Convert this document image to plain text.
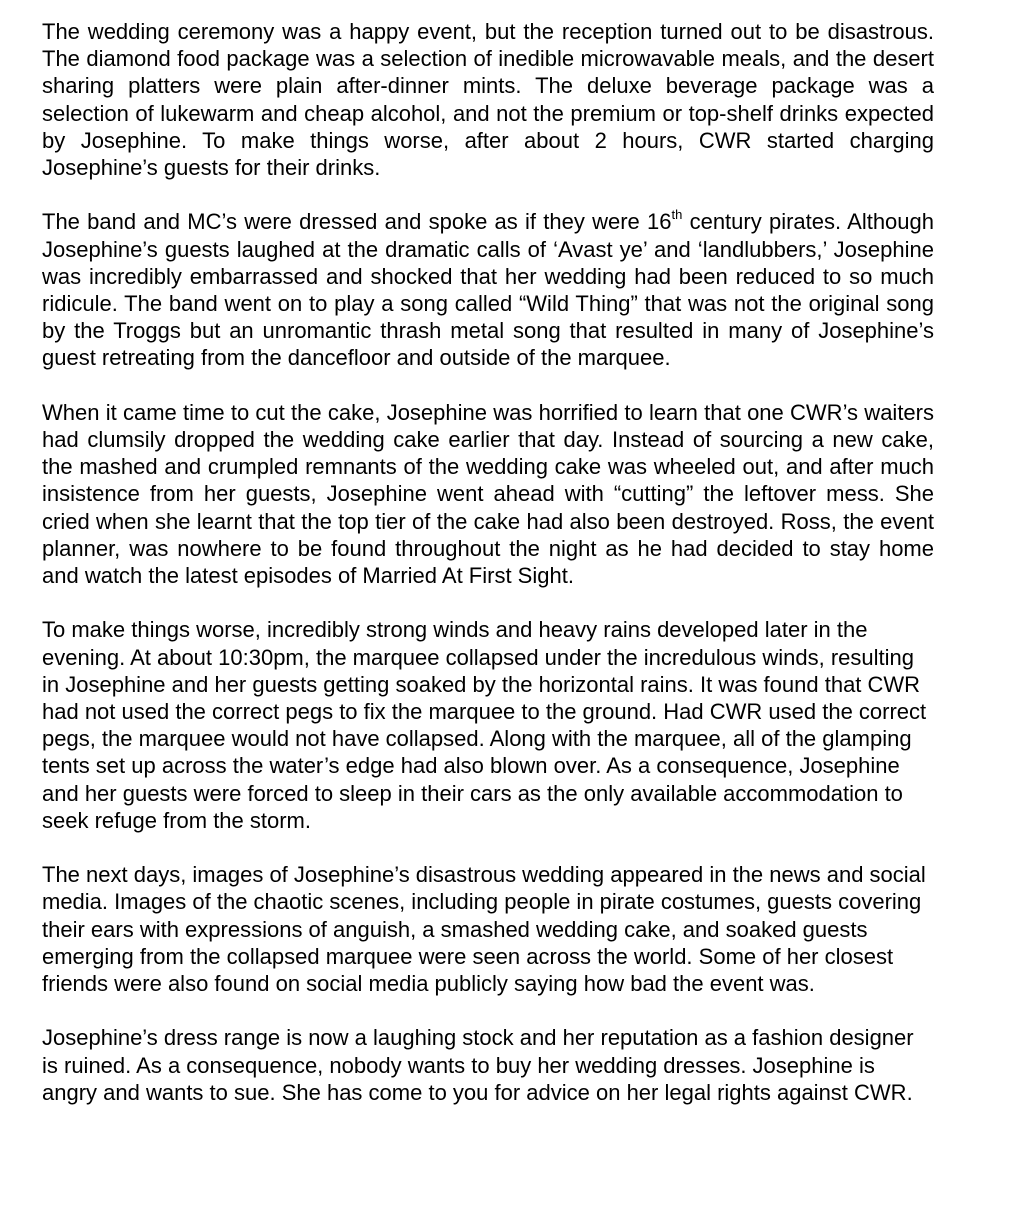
The wedding ceremony was a happy event, but the reception turned out to be disastrous. The diamond food package was a selection of inedible microwavable meals, and the desert sharing platters were plain after-dinner mints. The deluxe beverage package was a selection of lukewarm and cheap alcohol, and not the premium or top-shelf drinks expected by Josephine. To make things worse, after about 2 hours, CWR started charging Josephine’s guests for their drinks.

The band and MC’s were dressed and spoke as if they were 16th century pirates. Although Josephine’s guests laughed at the dramatic calls of ‘Avast ye’ and ‘landlubbers,’ Josephine was incredibly embarrassed and shocked that her wedding had been reduced to so much ridicule. The band went on to play a song called “Wild Thing” that was not the original song by the Troggs but an unromantic thrash metal song that resulted in many of Josephine’s guest retreating from the dancefloor and outside of the marquee.

When it came time to cut the cake, Josephine was horrified to learn that one CWR’s waiters had clumsily dropped the wedding cake earlier that day. Instead of sourcing a new cake, the mashed and crumpled remnants of the wedding cake was wheeled out, and after much insistence from her guests, Josephine went ahead with “cutting” the leftover mess. She cried when she learnt that the top tier of the cake had also been destroyed. Ross, the event planner, was nowhere to be found throughout the night as he had decided to stay home and watch the latest episodes of Married At First Sight.

To make things worse, incredibly strong winds and heavy rains developed later in the evening. At about 10:30pm, the marquee collapsed under the incredulous winds, resulting in Josephine and her guests getting soaked by the horizontal rains. It was found that CWR had not used the correct pegs to fix the marquee to the ground. Had CWR used the correct pegs, the marquee would not have collapsed. Along with the marquee, all of the glamping tents set up across the water’s edge had also blown over. As a consequence, Josephine and her guests were forced to sleep in their cars as the only available accommodation to seek refuge from the storm.

The next days, images of Josephine’s disastrous wedding appeared in the news and social media. Images of the chaotic scenes, including people in pirate costumes, guests covering their ears with expressions of anguish, a smashed wedding cake, and soaked guests emerging from the collapsed marquee were seen across the world. Some of her closest friends were also found on social media publicly saying how bad the event was.

Josephine’s dress range is now a laughing stock and her reputation as a fashion designer is ruined. As a consequence, nobody wants to buy her wedding dresses. Josephine is angry and wants to sue. She has come to you for advice on her legal rights against CWR.
